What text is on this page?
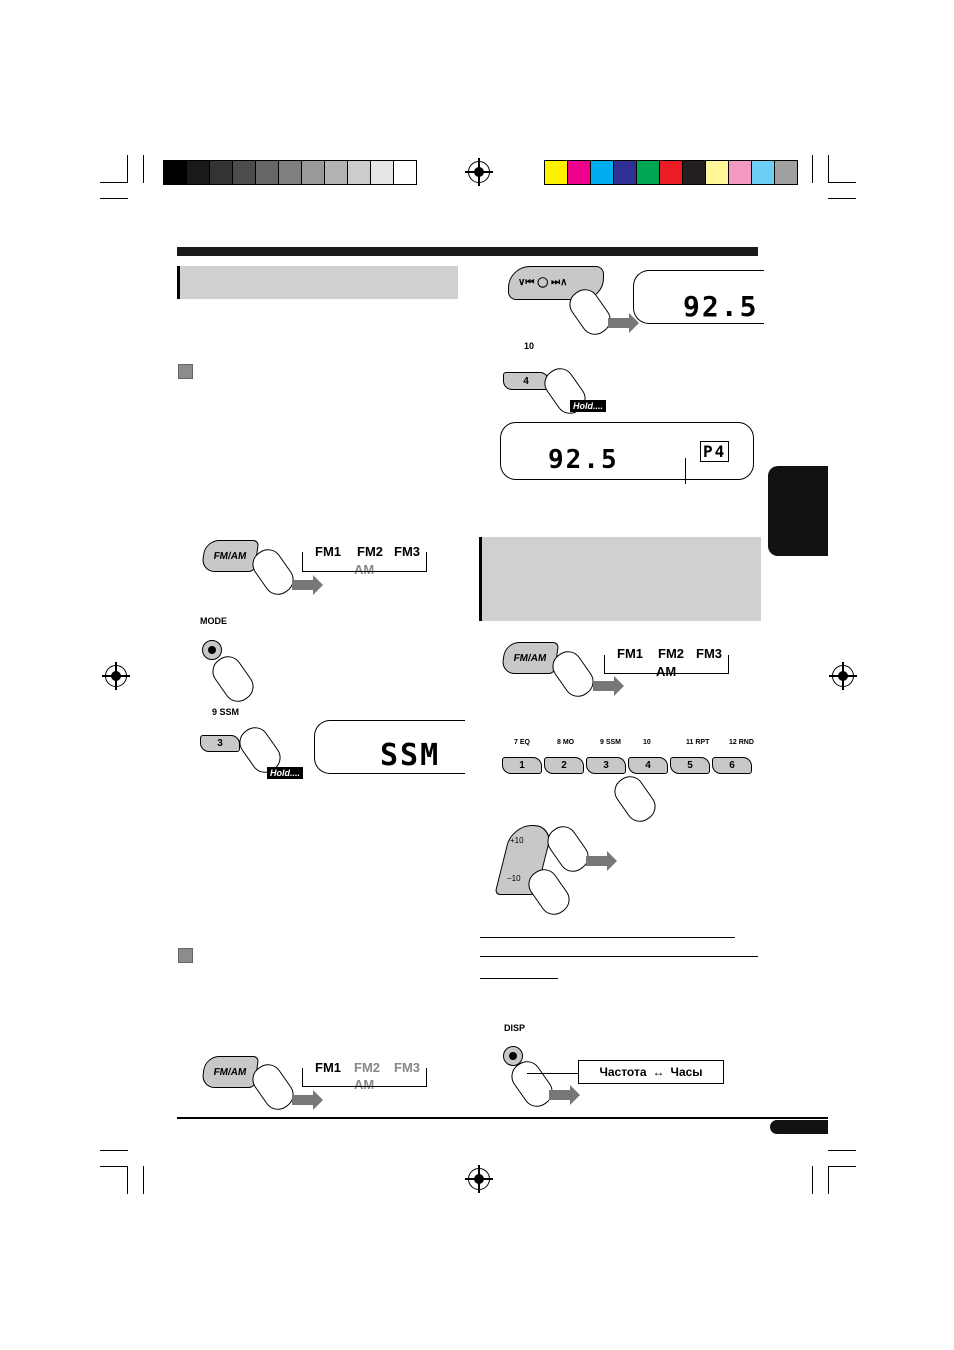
FM/AM	FM1 FM2 FM3
AM
MODE
9 SSM
3
Hold....	SSM
FM/AM	FM1 FM2 FM3
AM
∨⏮ ◯ ⏭∧
92.5
10
4
Hold....
92.5	P4
FM/AM	FM1 FM2 FM3
AM
7 EQ	8 MO	9 SSM	10	11 RPT	12 RND
1	2	3	4	5	6
+10
−10
DISP
Частота ↔ Часы
